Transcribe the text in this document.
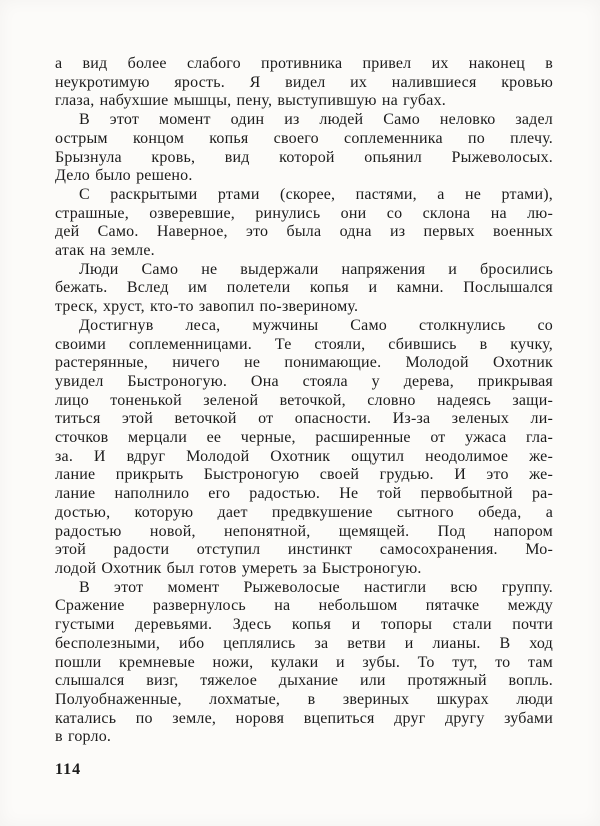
а вид более слабого противника привел их наконец в
неукротимую ярость. Я видел их налившиеся кровью
глаза, набухшие мышцы, пену, выступившую на губах.
В этот момент один из людей Само неловко задел
острым концом копья своего соплеменника по плечу.
Брызнула кровь, вид которой опьянил Рыжеволосых.
Дело было решено.
С раскрытыми ртами (скорее, пастями, а не ртами),
страшные, озверевшие, ринулись они со склона на лю-
дей Само. Наверное, это была одна из первых военных
атак на земле.
Люди Само не выдержали напряжения и бросились
бежать. Вслед им полетели копья и камни. Послышался
треск, хруст, кто-то завопил по-звериному.
Достигнув леса, мужчины Само столкнулись со
своими соплеменницами. Те стояли, сбившись в кучку,
растерянные, ничего не понимающие. Молодой Охотник
увидел Быстроногую. Она стояла у дерева, прикрывая
лицо тоненькой зеленой веточкой, словно надеясь защи-
титься этой веточкой от опасности. Из-за зеленых ли-
сточков мерцали ее черные, расширенные от ужаса гла-
за. И вдруг Молодой Охотник ощутил неодолимое же-
лание прикрыть Быстроногую своей грудью. И это же-
лание наполнило его радостью. Не той первобытной ра-
достью, которую дает предвкушение сытного обеда, а
радостью новой, непонятной, щемящей. Под напором
этой радости отступил инстинкт самосохранения. Мо-
лодой Охотник был готов умереть за Быстроногую.
В этот момент Рыжеволосые настигли всю группу.
Сражение развернулось на небольшом пятачке между
густыми деревьями. Здесь копья и топоры стали почти
бесполезными, ибо цеплялись за ветви и лианы. В ход
пошли кремневые ножи, кулаки и зубы. То тут, то там
слышался визг, тяжелое дыхание или протяжный вопль.
Полуобнаженные, лохматые, в звериных шкурах люди
катались по земле, норовя вцепиться друг другу зубами
в горло.
114
